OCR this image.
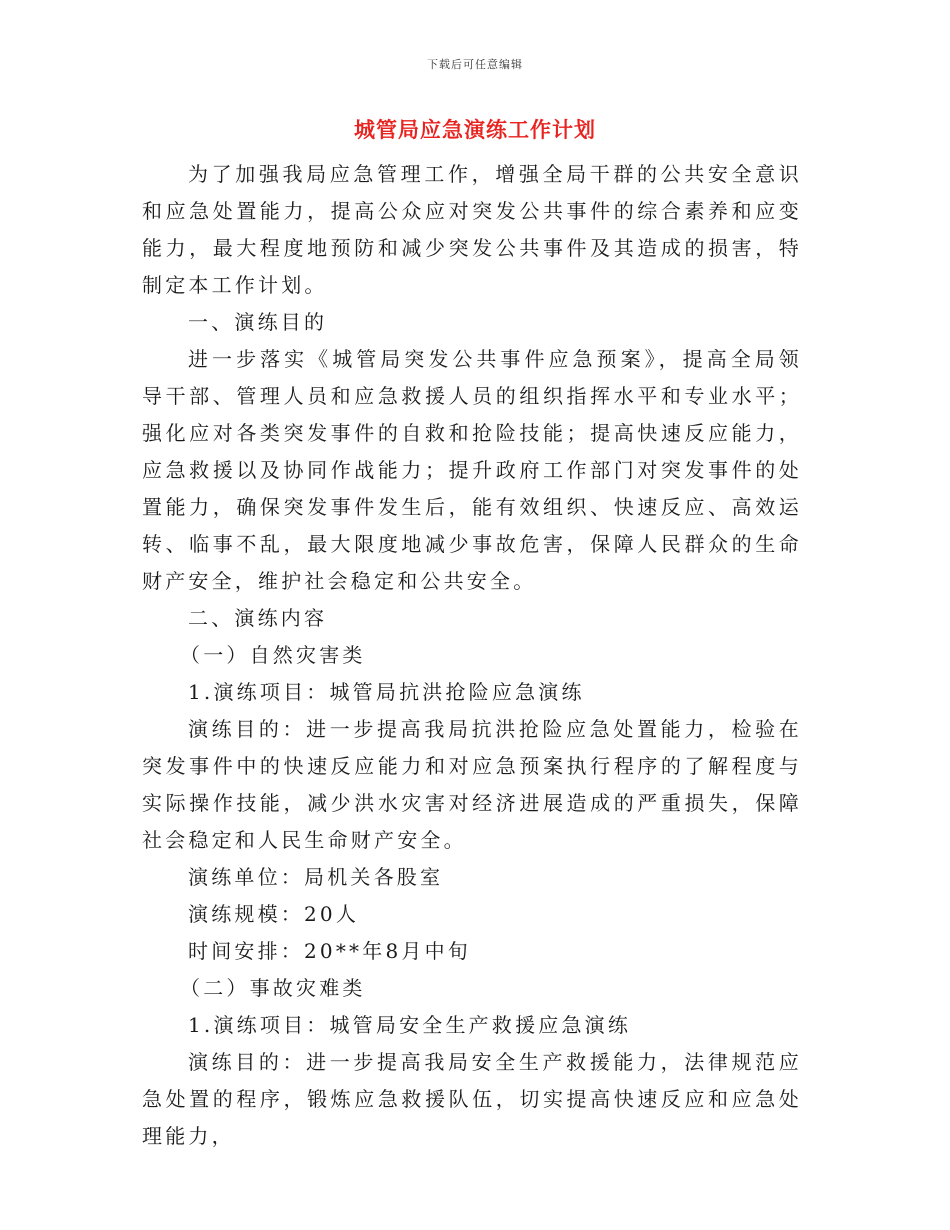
下载后可任意编辑
城管局应急演练工作计划

为了加强我局应急管理工作，增强全局干群的公共安全意识和应急处置能力，提高公众应对突发公共事件的综合素养和应变能力，最大程度地预防和减少突发公共事件及其造成的损害，特制定本工作计划。

一、演练目的

进一步落实《城管局突发公共事件应急预案》，提高全局领导干部、管理人员和应急救援人员的组织指挥水平和专业水平；强化应对各类突发事件的自救和抢险技能；提高快速反应能力，应急救援以及协同作战能力；提升政府工作部门对突发事件的处置能力，确保突发事件发生后，能有效组织、快速反应、高效运转、临事不乱，最大限度地减少事故危害，保障人民群众的生命财产安全，维护社会稳定和公共安全。

二、演练内容

（一）自然灾害类

1.演练项目：城管局抗洪抢险应急演练

演练目的：进一步提高我局抗洪抢险应急处置能力，检验在突发事件中的快速反应能力和对应急预案执行程序的了解程度与实际操作技能，减少洪水灾害对经济进展造成的严重损失，保障社会稳定和人民生命财产安全。

演练单位：局机关各股室

演练规模：20人

时间安排：20**年8月中旬

（二）事故灾难类

1.演练项目：城管局安全生产救援应急演练

演练目的：进一步提高我局安全生产救援能力，法律规范应急处置的程序，锻炼应急救援队伍，切实提高快速反应和应急处理能力，
